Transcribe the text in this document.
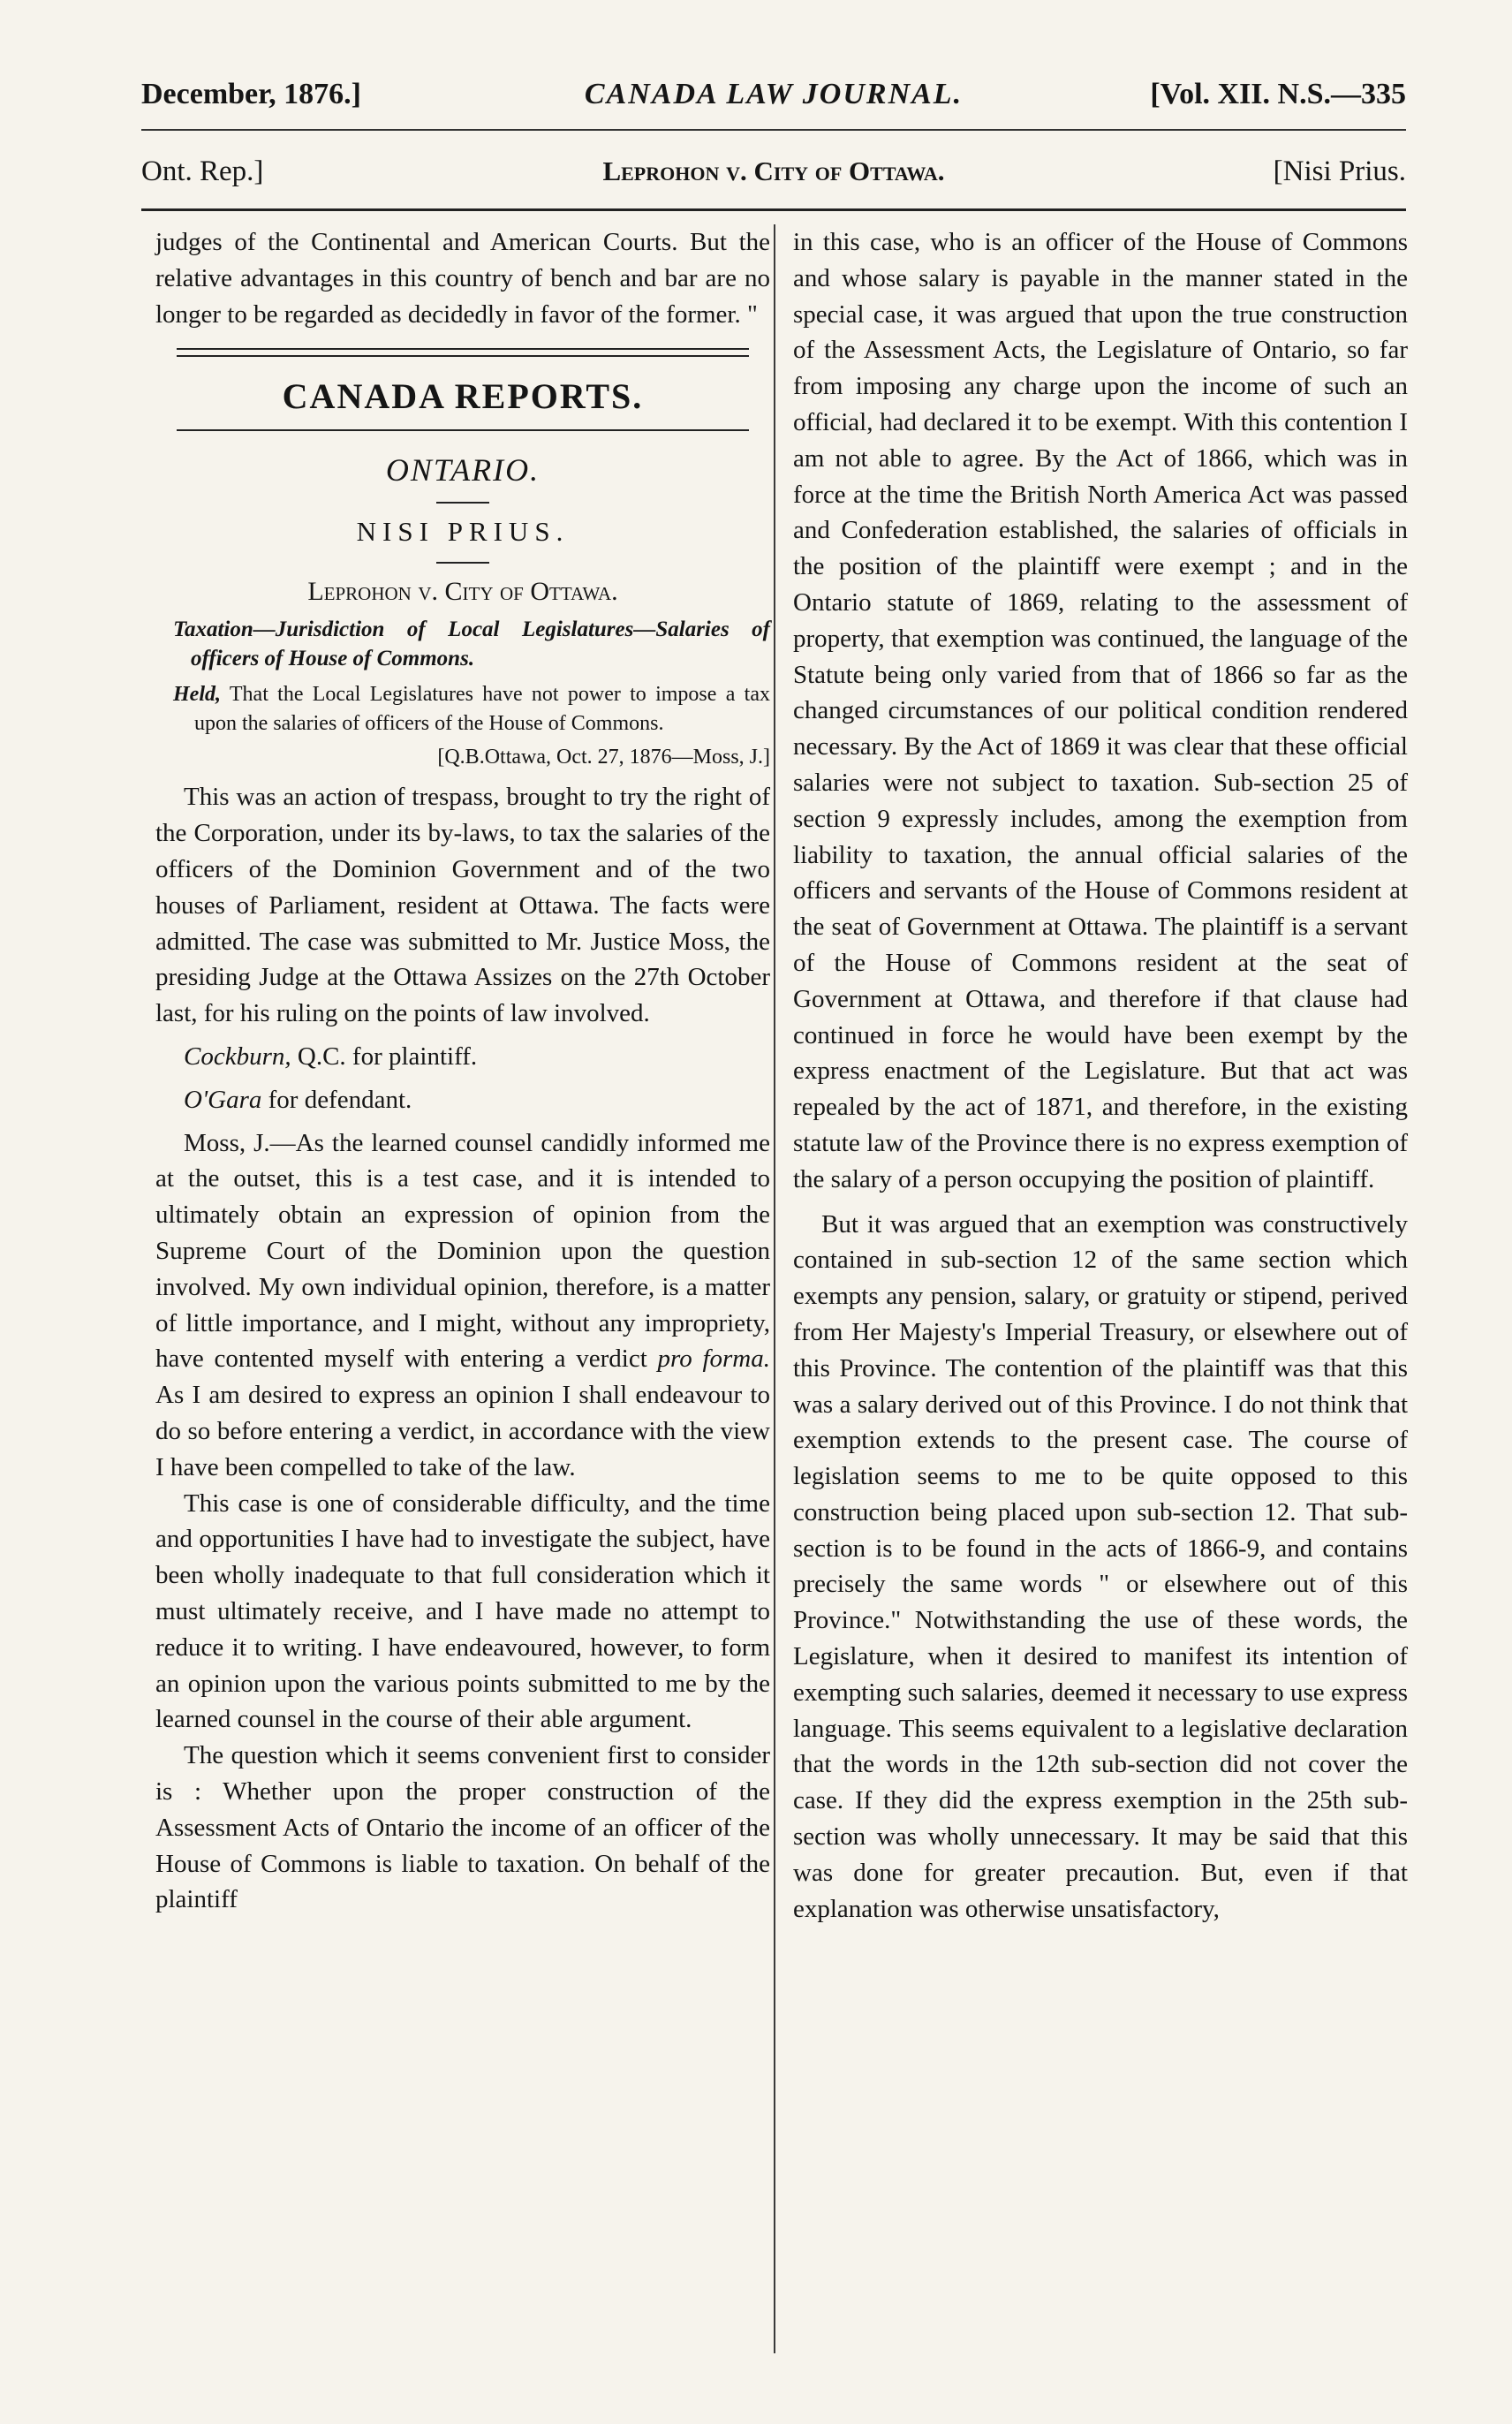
December, 1876.]	CANADA LAW JOURNAL.	[Vol. XII. N.S.—335
Ont. Rep.]	Leprohon v. City of Ottawa.	[Nisi Prius.

judges of the Continental and American Courts. But the relative advantages in this country of bench and bar are no longer to be regarded as decidedly in favor of the former. "

CANADA REPORTS.
ONTARIO.
NISI PRIUS.
Leprohon v. City of Ottawa.
Taxation—Jurisdiction of Local Legislatures—Salaries of officers of House of Commons.
Held, That the Local Legislatures have not power to impose a tax upon the salaries of officers of the House of Commons.
[Q.B.Ottawa, Oct. 27, 1876—Moss, J.]

This was an action of trespass, brought to try the right of the Corporation, under its by-laws, to tax the salaries of the officers of the Dominion Government and of the two houses of Parliament, resident at Ottawa. The facts were admitted. The case was submitted to Mr. Justice Moss, the presiding Judge at the Ottawa Assizes on the 27th October last, for his ruling on the points of law involved.

Cockburn, Q.C. for plaintiff.
O'Gara for defendant.

Moss, J.—As the learned counsel candidly informed me at the outset, this is a test case, and it is intended to ultimately obtain an expression of opinion from the Supreme Court of the Dominion upon the question involved. My own individual opinion, therefore, is a matter of little importance, and I might, without any impropriety, have contented myself with entering a verdict pro forma. As I am desired to express an opinion I shall endeavour to do so before entering a verdict, in accordance with the view I have been compelled to take of the law.

This case is one of considerable difficulty, and the time and opportunities I have had to investigate the subject, have been wholly inadequate to that full consideration which it must ultimately receive, and I have made no attempt to reduce it to writing. I have endeavoured, however, to form an opinion upon the various points submitted to me by the learned counsel in the course of their able argument.

The question which it seems convenient first to consider is : Whether upon the proper construction of the Assessment Acts of Ontario the income of an officer of the House of Commons is liable to taxation. On behalf of the plaintiff

in this case, who is an officer of the House of Commons and whose salary is payable in the manner stated in the special case, it was argued that upon the true construction of the Assessment Acts, the Legislature of Ontario, so far from imposing any charge upon the income of such an official, had declared it to be exempt. With this contention I am not able to agree. By the Act of 1866, which was in force at the time the British North America Act was passed and Confederation established, the salaries of officials in the position of the plaintiff were exempt ; and in the Ontario statute of 1869, relating to the assessment of property, that exemption was continued, the language of the Statute being only varied from that of 1866 so far as the changed circumstances of our political condition rendered necessary. By the Act of 1869 it was clear that these official salaries were not subject to taxation. Sub-section 25 of section 9 expressly includes, among the exemption from liability to taxation, the annual official salaries of the officers and servants of the House of Commons resident at the seat of Government at Ottawa. The plaintiff is a servant of the House of Commons resident at the seat of Government at Ottawa, and therefore if that clause had continued in force he would have been exempt by the express enactment of the Legislature. But that act was repealed by the act of 1871, and therefore, in the existing statute law of the Province there is no express exemption of the salary of a person occupying the position of plaintiff.

But it was argued that an exemption was constructively contained in sub-section 12 of the same section which exempts any pension, salary, or gratuity or stipend, perived from Her Majesty's Imperial Treasury, or elsewhere out of this Province. The contention of the plaintiff was that this was a salary derived out of this Province. I do not think that exemption extends to the present case. The course of legislation seems to me to be quite opposed to this construction being placed upon sub-section 12. That sub-section is to be found in the acts of 1866-9, and contains precisely the same words " or elsewhere out of this Province." Notwithstanding the use of these words, the Legislature, when it desired to manifest its intention of exempting such salaries, deemed it necessary to use express language. This seems equivalent to a legislative declaration that the words in the 12th sub-section did not cover the case. If they did the express exemption in the 25th sub-section was wholly unnecessary. It may be said that this was done for greater precaution. But, even if that explanation was otherwise unsatisfactory,
